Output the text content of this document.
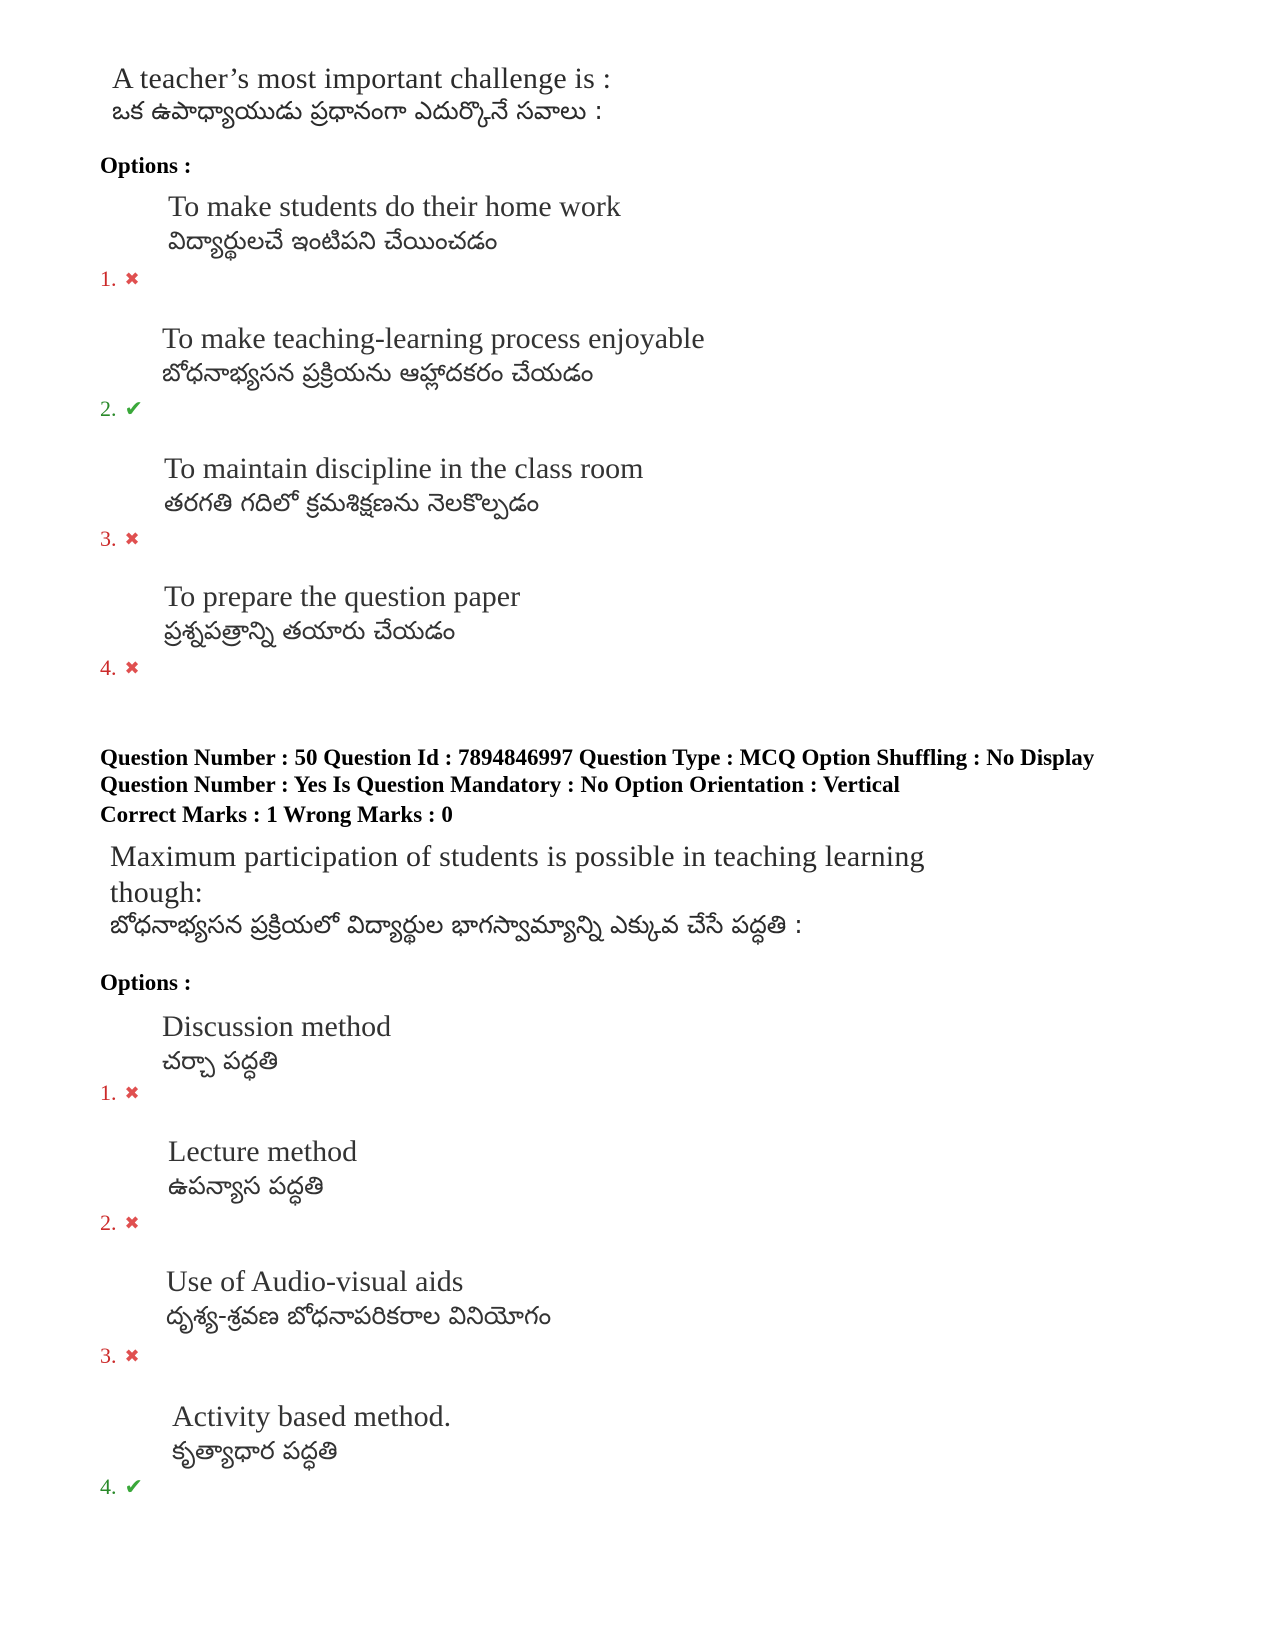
A teacher’s most important challenge is :
ఒక ఉపాధ్యాయుడు ప్రధానంగా ఎదుర్కొనే సవాలు :
Options :
To make students do their home work
విద్యార్థులచే ఇంటిపని చేయించడం
1. ✖
To make teaching-learning process enjoyable
బోధనాభ్యసన ప్రక్రియను ఆహ్లాదకరం చేయడం
2. ✔
To maintain discipline in the class room
తరగతి గదిలో క్రమశిక్షణను నెలకొల్పడం
3. ✖
To prepare the question paper
ప్రశ్నపత్రాన్ని తయారు చేయడం
4. ✖
Question Number : 50 Question Id : 7894846997 Question Type : MCQ Option Shuffling : No Display
Question Number : Yes Is Question Mandatory : No Option Orientation : Vertical
Correct Marks : 1 Wrong Marks : 0
Maximum participation of students is possible in teaching learning
though:
బోధనాభ్యసన ప్రక్రియలో విద్యార్థుల భాగస్వామ్యాన్ని ఎక్కువ చేసే పద్ధతి :
Options :
Discussion method
చర్చా పద్ధతి
1. ✖
Lecture method
ఉపన్యాస పద్ధతి
2. ✖
Use of Audio-visual aids
దృశ్య-శ్రవణ బోధనాపరికరాల వినియోగం
3. ✖
Activity based method.
కృత్యాధార పద్ధతి
4. ✔
